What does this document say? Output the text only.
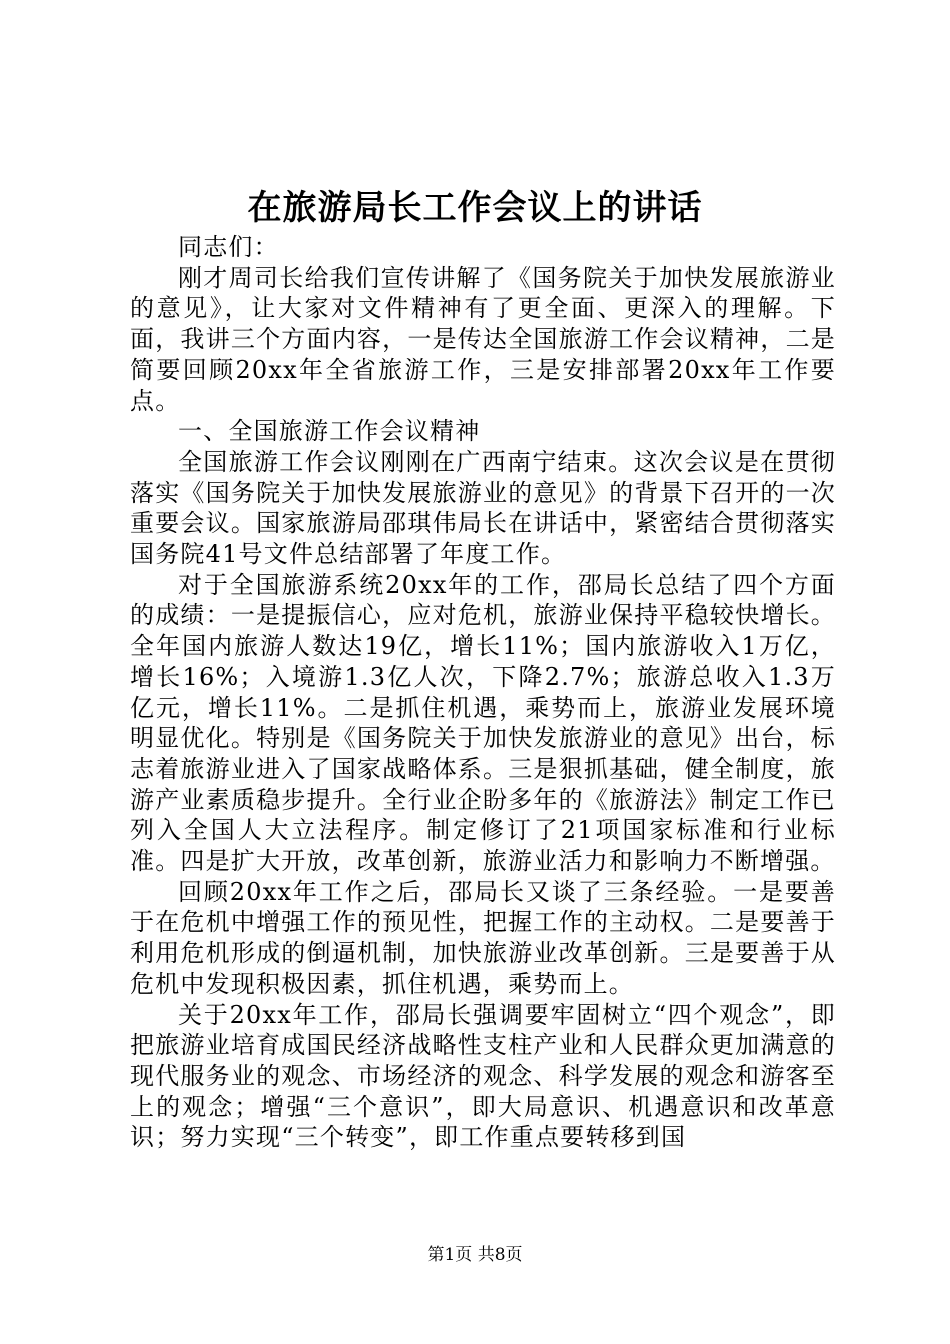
在旅游局长工作会议上的讲话

同志们：

刚才周司长给我们宣传讲解了《国务院关于加快发展旅游业的意见》，让大家对文件精神有了更全面、更深入的理解。下面，我讲三个方面内容，一是传达全国旅游工作会议精神，二是简要回顾20xx年全省旅游工作，三是安排部署20xx年工作要点。

一、全国旅游工作会议精神

全国旅游工作会议刚刚在广西南宁结束。这次会议是在贯彻落实《国务院关于加快发展旅游业的意见》的背景下召开的一次重要会议。国家旅游局邵琪伟局长在讲话中，紧密结合贯彻落实国务院41号文件总结部署了年度工作。

对于全国旅游系统20xx年的工作，邵局长总结了四个方面的成绩：一是提振信心，应对危机，旅游业保持平稳较快增长。全年国内旅游人数达19亿，增长11%；国内旅游收入1万亿，增长16%；入境游1.3亿人次，下降2.7%；旅游总收入1.3万亿元，增长11%。二是抓住机遇，乘势而上，旅游业发展环境明显优化。特别是《国务院关于加快发旅游业的意见》出台，标志着旅游业进入了国家战略体系。三是狠抓基础，健全制度，旅游产业素质稳步提升。全行业企盼多年的《旅游法》制定工作已列入全国人大立法程序。制定修订了21项国家标准和行业标准。四是扩大开放，改革创新，旅游业活力和影响力不断增强。

回顾20xx年工作之后，邵局长又谈了三条经验。一是要善于在危机中增强工作的预见性，把握工作的主动权。二是要善于利用危机形成的倒逼机制，加快旅游业改革创新。三是要善于从危机中发现积极因素，抓住机遇，乘势而上。

关于20xx年工作，邵局长强调要牢固树立“四个观念”，即把旅游业培育成国民经济战略性支柱产业和人民群众更加满意的现代服务业的观念、市场经济的观念、科学发展的观念和游客至上的观念；增强“三个意识”，即大局意识、机遇意识和改革意识；努力实现“三个转变”，即工作重点要转移到国

第1页 共8页
